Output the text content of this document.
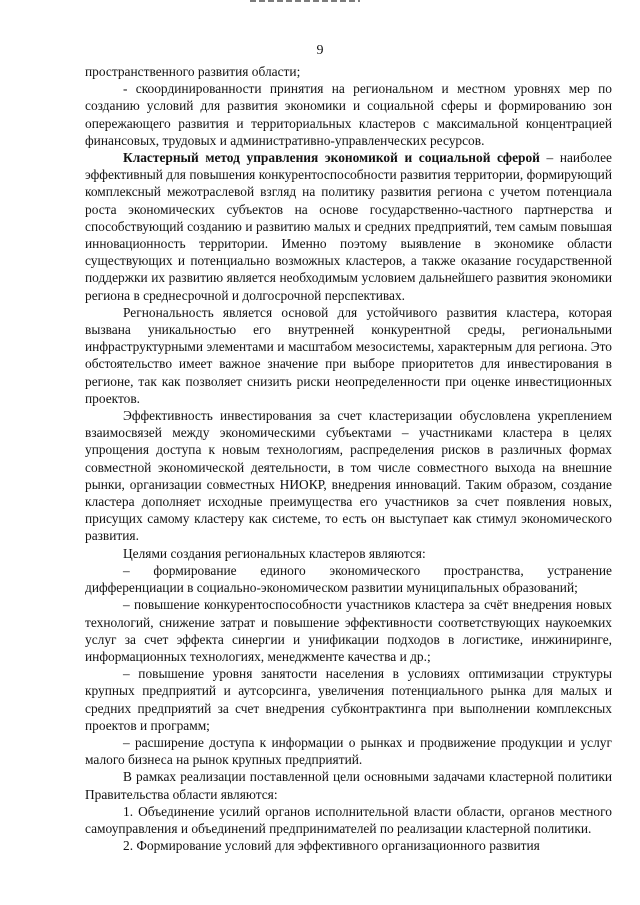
9

пространственного развития области;

- скоординированности принятия на региональном и местном уровнях мер по созданию условий для развития экономики и социальной сферы и формированию зон опережающего развития и территориальных кластеров с максимальной концентрацией финансовых, трудовых и административно-управленческих ресурсов.

Кластерный метод управления экономикой и социальной сферой – наиболее эффективный для повышения конкурентоспособности развития территории, формирующий комплексный межотраслевой взгляд на политику развития региона с учетом потенциала роста экономических субъектов на основе государственно-частного партнерства и способствующий созданию и развитию малых и средних предприятий, тем самым повышая инновационность территории. Именно поэтому выявление в экономике области существующих и потенциально возможных кластеров, а также оказание государственной поддержки их развитию является необходимым условием дальнейшего развития экономики региона в среднесрочной и долгосрочной перспективах.

Регнональность является основой для устойчивого развития кластера, которая вызвана уникальностью его внутренней конкурентной среды, региональными инфраструктурными элементами и масштабом мезосистемы, характерным для региона. Это обстоятельство имеет важное значение при выборе приоритетов для инвестирования в регионе, так как позволяет снизить риски неопределенности при оценке инвестиционных проектов.

Эффективность инвестирования за счет кластеризации обусловлена укреплением взаимосвязей между экономическими субъектами – участниками кластера в целях упрощения доступа к новым технологиям, распределения рисков в различных формах совместной экономической деятельности, в том числе совместного выхода на внешние рынки, организации совместных НИОКР, внедрения инноваций. Таким образом, создание кластера дополняет исходные преимущества его участников за счет появления новых, присущих самому кластеру как системе, то есть он выступает как стимул экономического развития.

Целями создания региональных кластеров являются:

– формирование единого экономического пространства, устранение дифференциации в социально-экономическом развитии муниципальных образований;

– повышение конкурентоспособности участников кластера за счёт внедрения новых технологий, снижение затрат и повышение эффективности соответствующих наукоемких услуг за счет эффекта синергии и унификации подходов в логистике, инжиниринге, информационных технологиях, менеджменте качества и др.;

– повышение уровня занятости населения в условиях оптимизации структуры крупных предприятий и аутсорсинга, увеличения потенциального рынка для малых и средних предприятий за счет внедрения субконтрактинга при выполнении комплексных проектов и программ;

– расширение доступа к информации о рынках и продвижение продукции и услуг малого бизнеса на рынок крупных предприятий.

В рамках реализации поставленной цели основными задачами кластерной политики Правительства области являются:

1. Объединение усилий органов исполнительной власти области, органов местного самоуправления и объединений предпринимателей по реализации кластерной политики.

2. Формирование условий для эффективного организационного развития
